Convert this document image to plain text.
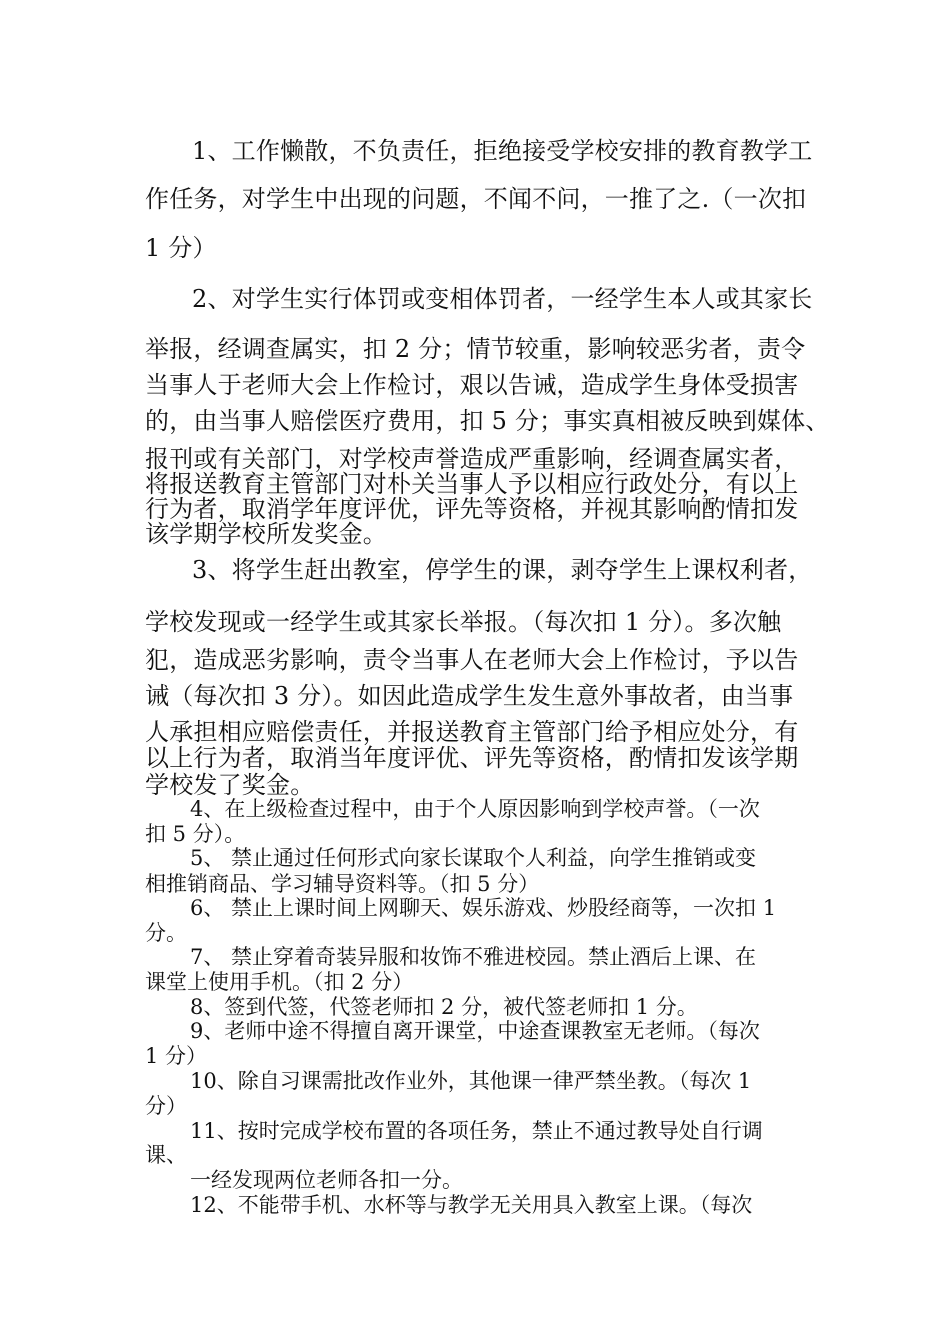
1、工作懒散，不负责任，拒绝接受学校安排的教育教学工
作任务，对学生中出现的问题，不闻不问，一推了之.（一次扣
1 分）
2、对学生实行体罚或变相体罚者，一经学生本人或其家长
举报，经调查属实，扣 2 分；情节较重，影响较恶劣者，责令
当事人于老师大会上作检讨，艰以告诫，造成学生身体受损害
的，由当事人赔偿医疗费用，扣 5 分；事实真相被反映到媒体、
报刊或有关部门，对学校声誉造成严重影响，经调查属实者，
将报送教育主管部门对朴关当事人予以相应行政处分，有以上
行为者，取消学年度评优，评先等资格，并视其影响酌情扣发
该学期学校所发奖金。
3、将学生赶出教室，停学生的课，剥夺学生上课权利者，
学校发现或一经学生或其家长举报。（每次扣 1 分）。多次触
犯，造成恶劣影响，责令当事人在老师大会上作检讨，予以告
诫（每次扣 3 分）。如因此造成学生发生意外事故者，由当事
人承担相应赔偿责任，并报送教育主管部门给予相应处分，有
以上行为者，取消当年度评优、评先等资格，酌情扣发该学期
学校发了奖金。
4、在上级检查过程中，由于个人原因影响到学校声誉。（一次
扣 5 分）。
5、 禁止通过任何形式向家长谋取个人利益，向学生推销或变
相推销商品、学习辅导资料等。（扣 5 分）
6、 禁止上课时间上网聊天、娱乐游戏、炒股经商等，一次扣 1
分。
7、 禁止穿着奇装异服和妆饰不雅进校园。禁止酒后上课、在
课堂上使用手机。（扣 2 分）
8、签到代签，代签老师扣 2 分，被代签老师扣 1 分。
9、老师中途不得擅自离开课堂，中途查课教室无老师。（每次
1 分）
10、除自习课需批改作业外，其他课一律严禁坐教。（每次 1
分）
11、按时完成学校布置的各项任务，禁止不通过教导处自行调
课、
一经发现两位老师各扣一分。
12、不能带手机、水杯等与教学无关用具入教室上课。（每次
